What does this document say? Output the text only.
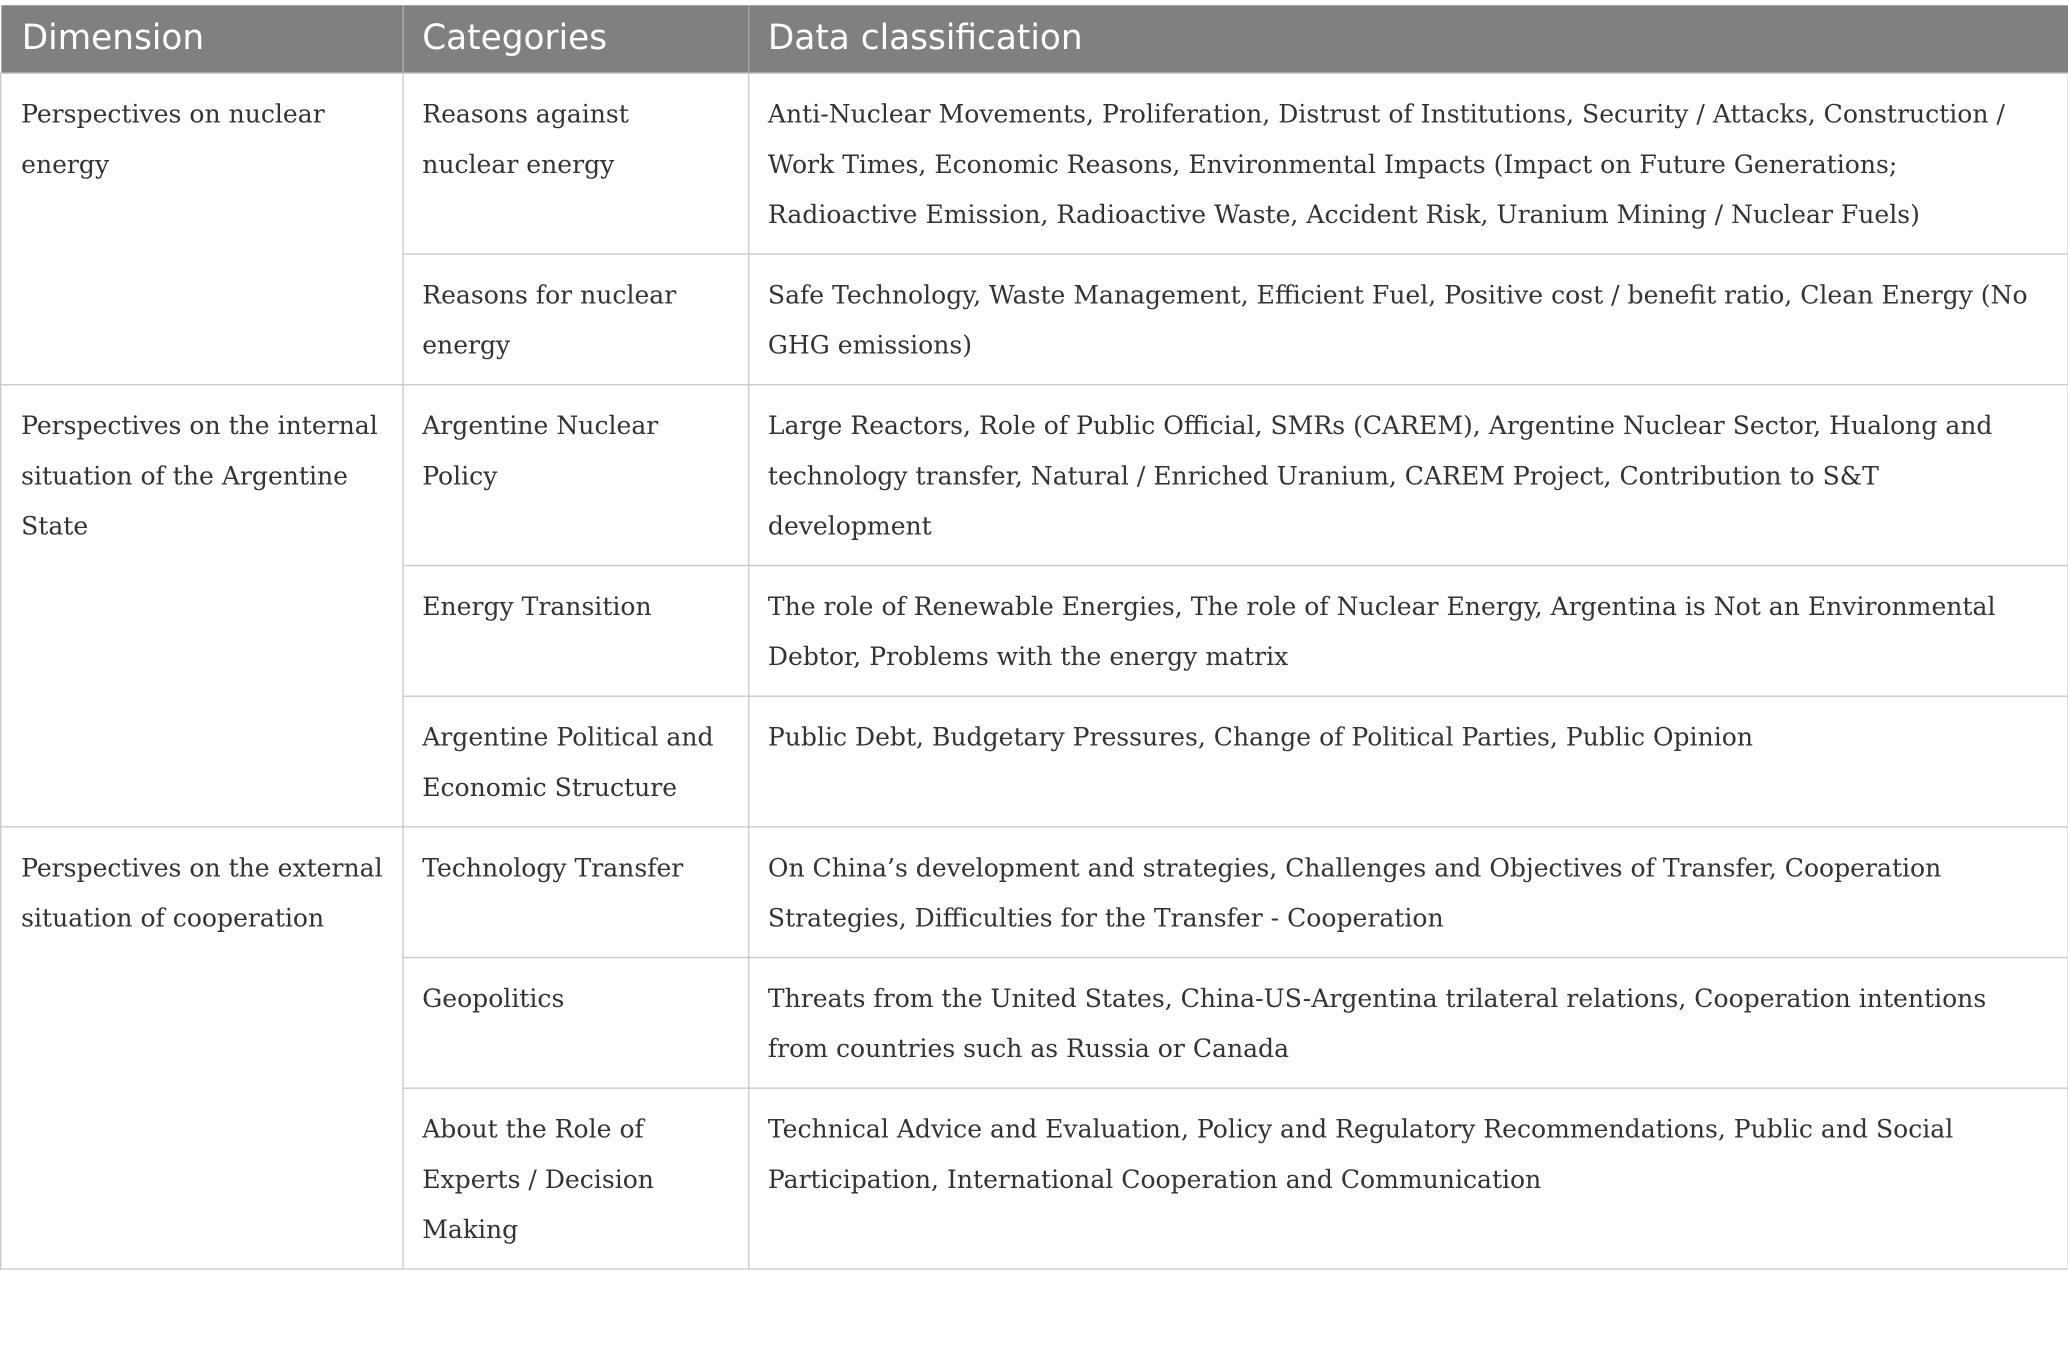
Dimension	Categories	Data classification
Perspectives on nuclear energy	Reasons against nuclear energy	Anti-Nuclear Movements, Proliferation, Distrust of Institutions, Security / Attacks, Construction / Work Times, Economic Reasons, Environmental Impacts (Impact on Future Generations; Radioactive Emission, Radioactive Waste, Accident Risk, Uranium Mining / Nuclear Fuels)
	Reasons for nuclear energy	Safe Technology, Waste Management, Efficient Fuel, Positive cost / benefit ratio, Clean Energy (No GHG emissions)
Perspectives on the internal situation of the Argentine State	Argentine Nuclear Policy	Large Reactors, Role of Public Official, SMRs (CAREM), Argentine Nuclear Sector, Hualong and technology transfer, Natural / Enriched Uranium, CAREM Project, Contribution to S&T development
	Energy Transition	The role of Renewable Energies, The role of Nuclear Energy, Argentina is Not an Environmental Debtor, Problems with the energy matrix
	Argentine Political and Economic Structure	Public Debt, Budgetary Pressures, Change of Political Parties, Public Opinion
Perspectives on the external situation of cooperation	Technology Transfer	On China’s development and strategies, Challenges and Objectives of Transfer, Cooperation Strategies, Difficulties for the Transfer - Cooperation
	Geopolitics	Threats from the United States, China-US-Argentina trilateral relations, Cooperation intentions from countries such as Russia or Canada
	About the Role of Experts / Decision Making	Technical Advice and Evaluation, Policy and Regulatory Recommendations, Public and Social Participation, International Cooperation and Communication
